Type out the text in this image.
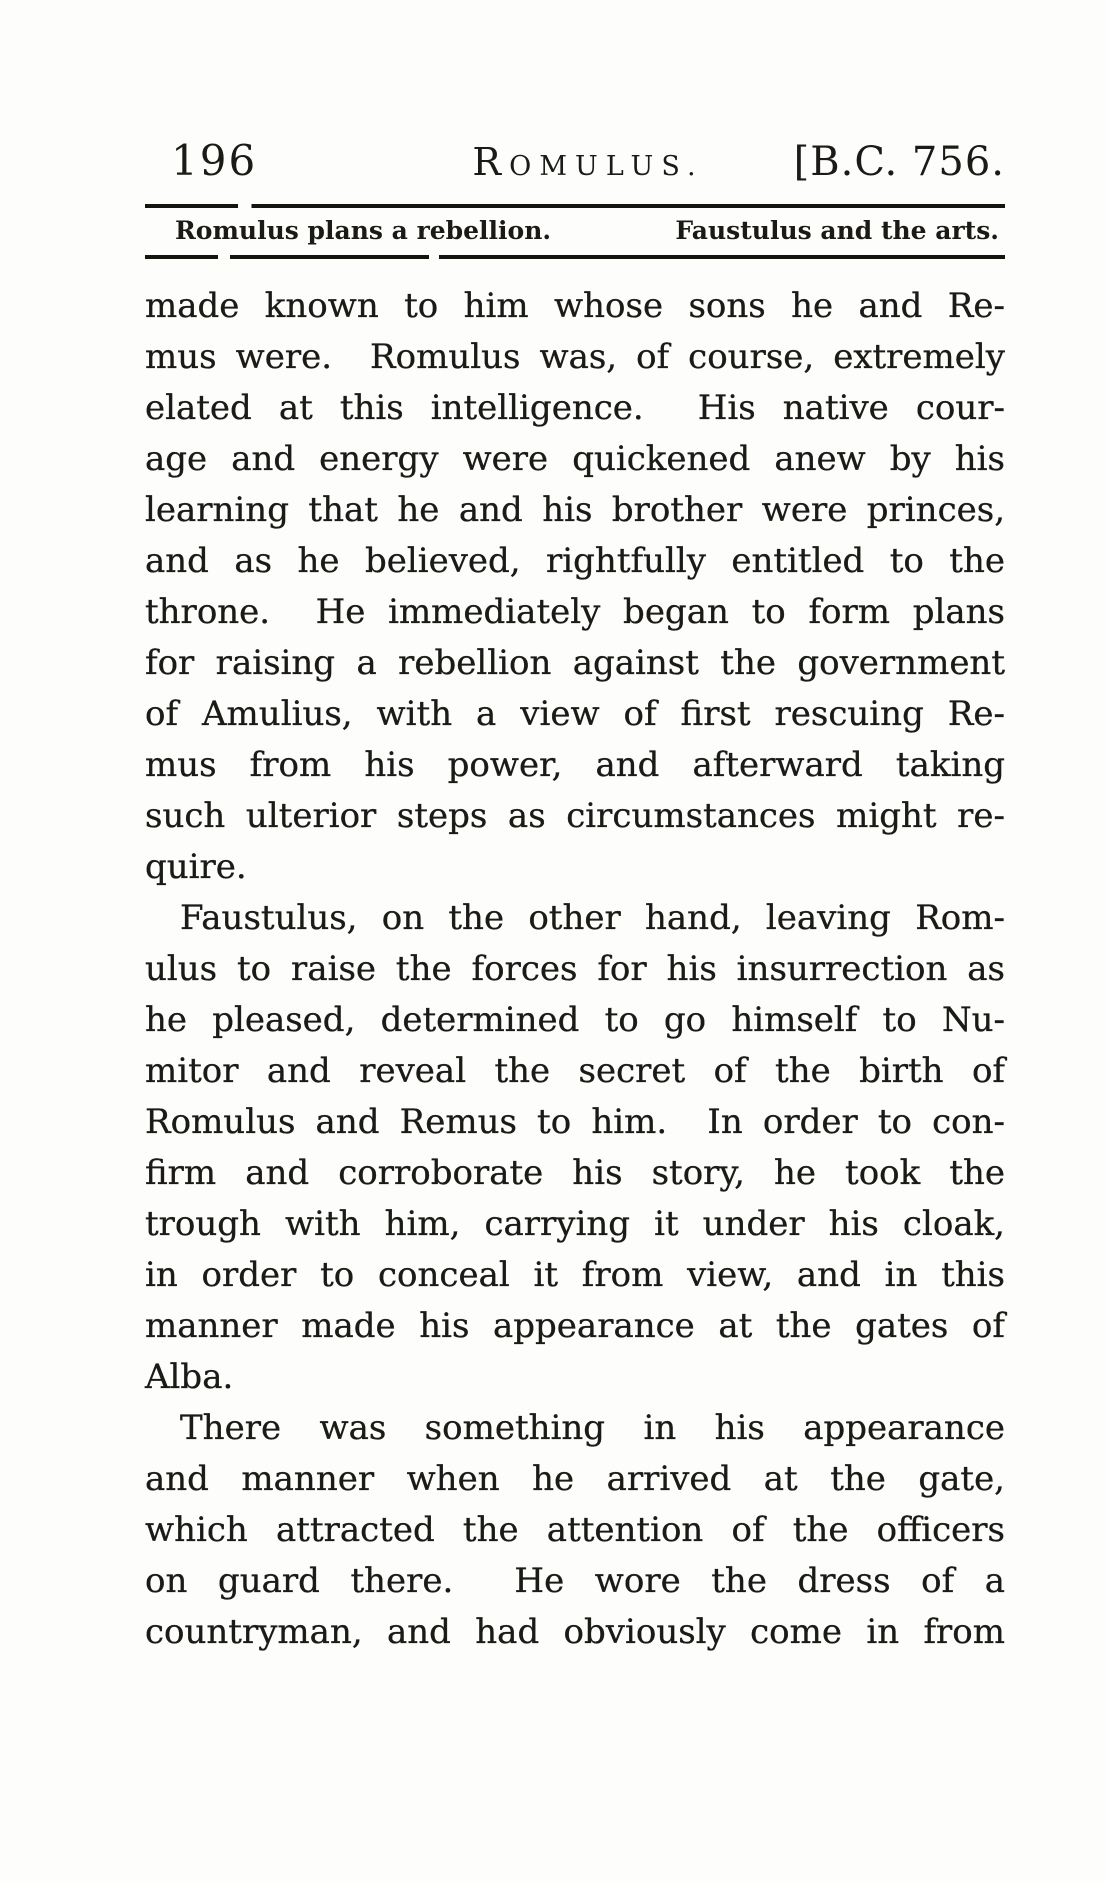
196	ROMULUS.	[B.C. 756.
Romulus plans a rebellion.	Faustulus and the arts.
made known to him whose sons he and Re-
mus were.  Romulus was, of course, extremely
elated at this intelligence.  His native cour-
age and energy were quickened anew by his
learning that he and his brother were princes,
and as he believed, rightfully entitled to the
throne.  He immediately began to form plans
for raising a rebellion against the government
of Amulius, with a view of first rescuing Re-
mus from his power, and afterward taking
such ulterior steps as circumstances might re-
quire.
Faustulus, on the other hand, leaving Rom-
ulus to raise the forces for his insurrection as
he pleased, determined to go himself to Nu-
mitor and reveal the secret of the birth of
Romulus and Remus to him.  In order to con-
firm and corroborate his story, he took the
trough with him, carrying it under his cloak,
in order to conceal it from view, and in this
manner made his appearance at the gates of
Alba.
There was something in his appearance
and manner when he arrived at the gate,
which attracted the attention of the officers
on guard there.  He wore the dress of a
countryman, and had obviously come in from
